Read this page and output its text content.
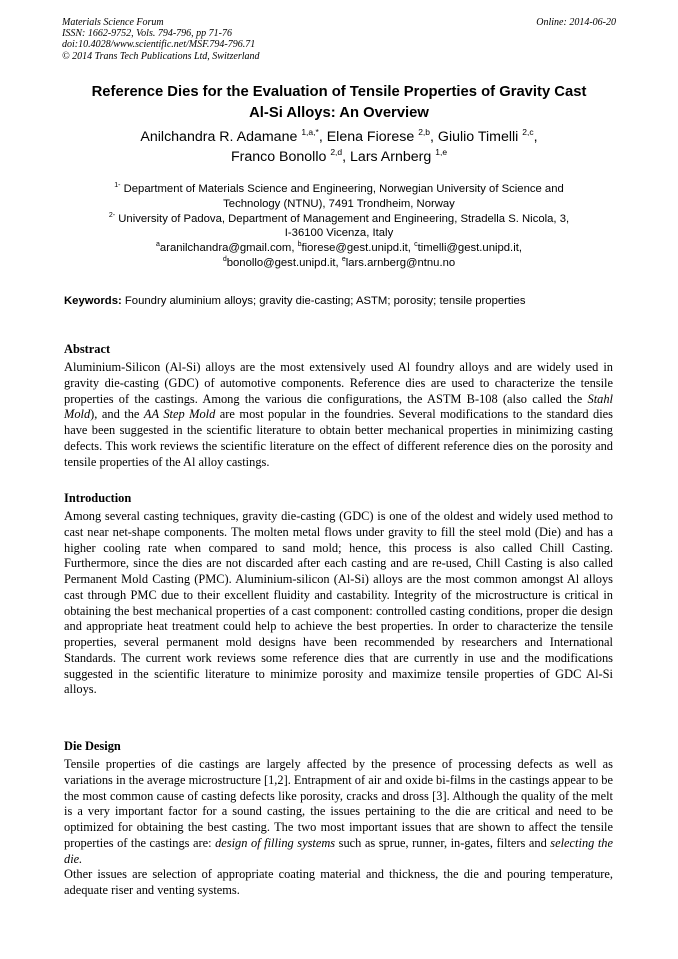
Materials Science Forum
ISSN: 1662-9752, Vols. 794-796, pp 71-76
doi:10.4028/www.scientific.net/MSF.794-796.71
© 2014 Trans Tech Publications Ltd, Switzerland
Online: 2014-06-20
Reference Dies for the Evaluation of Tensile Properties of Gravity Cast
Al-Si Alloys: An Overview
Anilchandra R. Adamane $^{1,a,*}$, Elena Fiorese $^{2,b}$, Giulio Timelli $^{2,c}$,
Franco Bonollo $^{2,d}$, Lars Arnberg $^{1,e}$
$^{1-}$ Department of Materials Science and Engineering, Norwegian University of Science and
Technology (NTNU), 7491 Trondheim, Norway
$^{2-}$ University of Padova, Department of Management and Engineering, Stradella S. Nicola, 3,
I-36100 Vicenza, Italy
$^a$aranilchandra@gmail.com, $^b$fiorese@gest.unipd.it, $^c$timelli@gest.unipd.it,
$^d$bonollo@gest.unipd.it, $^e$lars.arnberg@ntnu.no
Keywords: Foundry aluminium alloys; gravity die-casting; ASTM; porosity; tensile properties
Abstract

Aluminium-Silicon (Al-Si) alloys are the most extensively used Al foundry alloys and are widely used in gravity die-casting (GDC) of automotive components. Reference dies are used to characterize the tensile properties of the castings. Among the various die configurations, the ASTM B-108 (also called the Stahl Mold), and the AA Step Mold are most popular in the foundries. Several modifications to the standard dies have been suggested in the scientific literature to obtain better mechanical properties in minimizing casting defects. This work reviews the scientific literature on the effect of different reference dies on the porosity and tensile properties of the Al alloy castings.

Introduction

Among several casting techniques, gravity die-casting (GDC) is one of the oldest and widely used method to cast near net-shape components. The molten metal flows under gravity to fill the steel mold (Die) and has a higher cooling rate when compared to sand mold; hence, this process is also called Chill Casting. Furthermore, since the dies are not discarded after each casting and are re-used, Chill Casting is also called Permanent Mold Casting (PMC). Aluminium-silicon (Al-Si) alloys are the most common amongst Al alloys cast through PMC due to their excellent fluidity and castability. Integrity of the microstructure is critical in obtaining the best mechanical properties of a cast component: controlled casting conditions, proper die design and appropriate heat treatment could help to achieve the best properties. In order to characterize the tensile properties, several permanent mold designs have been recommended by researchers and International Standards. The current work reviews some reference dies that are currently in use and the modifications suggested in the scientific literature to minimize porosity and maximize tensile properties of GDC Al-Si alloys.

Die Design

Tensile properties of die castings are largely affected by the presence of processing defects as well as variations in the average microstructure [1,2]. Entrapment of air and oxide bi-films in the castings appear to be the most common cause of casting defects like porosity, cracks and dross [3]. Although the quality of the melt is a very important factor for a sound casting, the issues pertaining to the die are critical and need to be optimized for obtaining the best casting. The two most important issues that are shown to affect the tensile properties of the castings are: design of filling systems such as sprue, runner, in-gates, filters and selecting the die.

Other issues are selection of appropriate coating material and thickness, the die and pouring temperature, adequate riser and venting systems.
